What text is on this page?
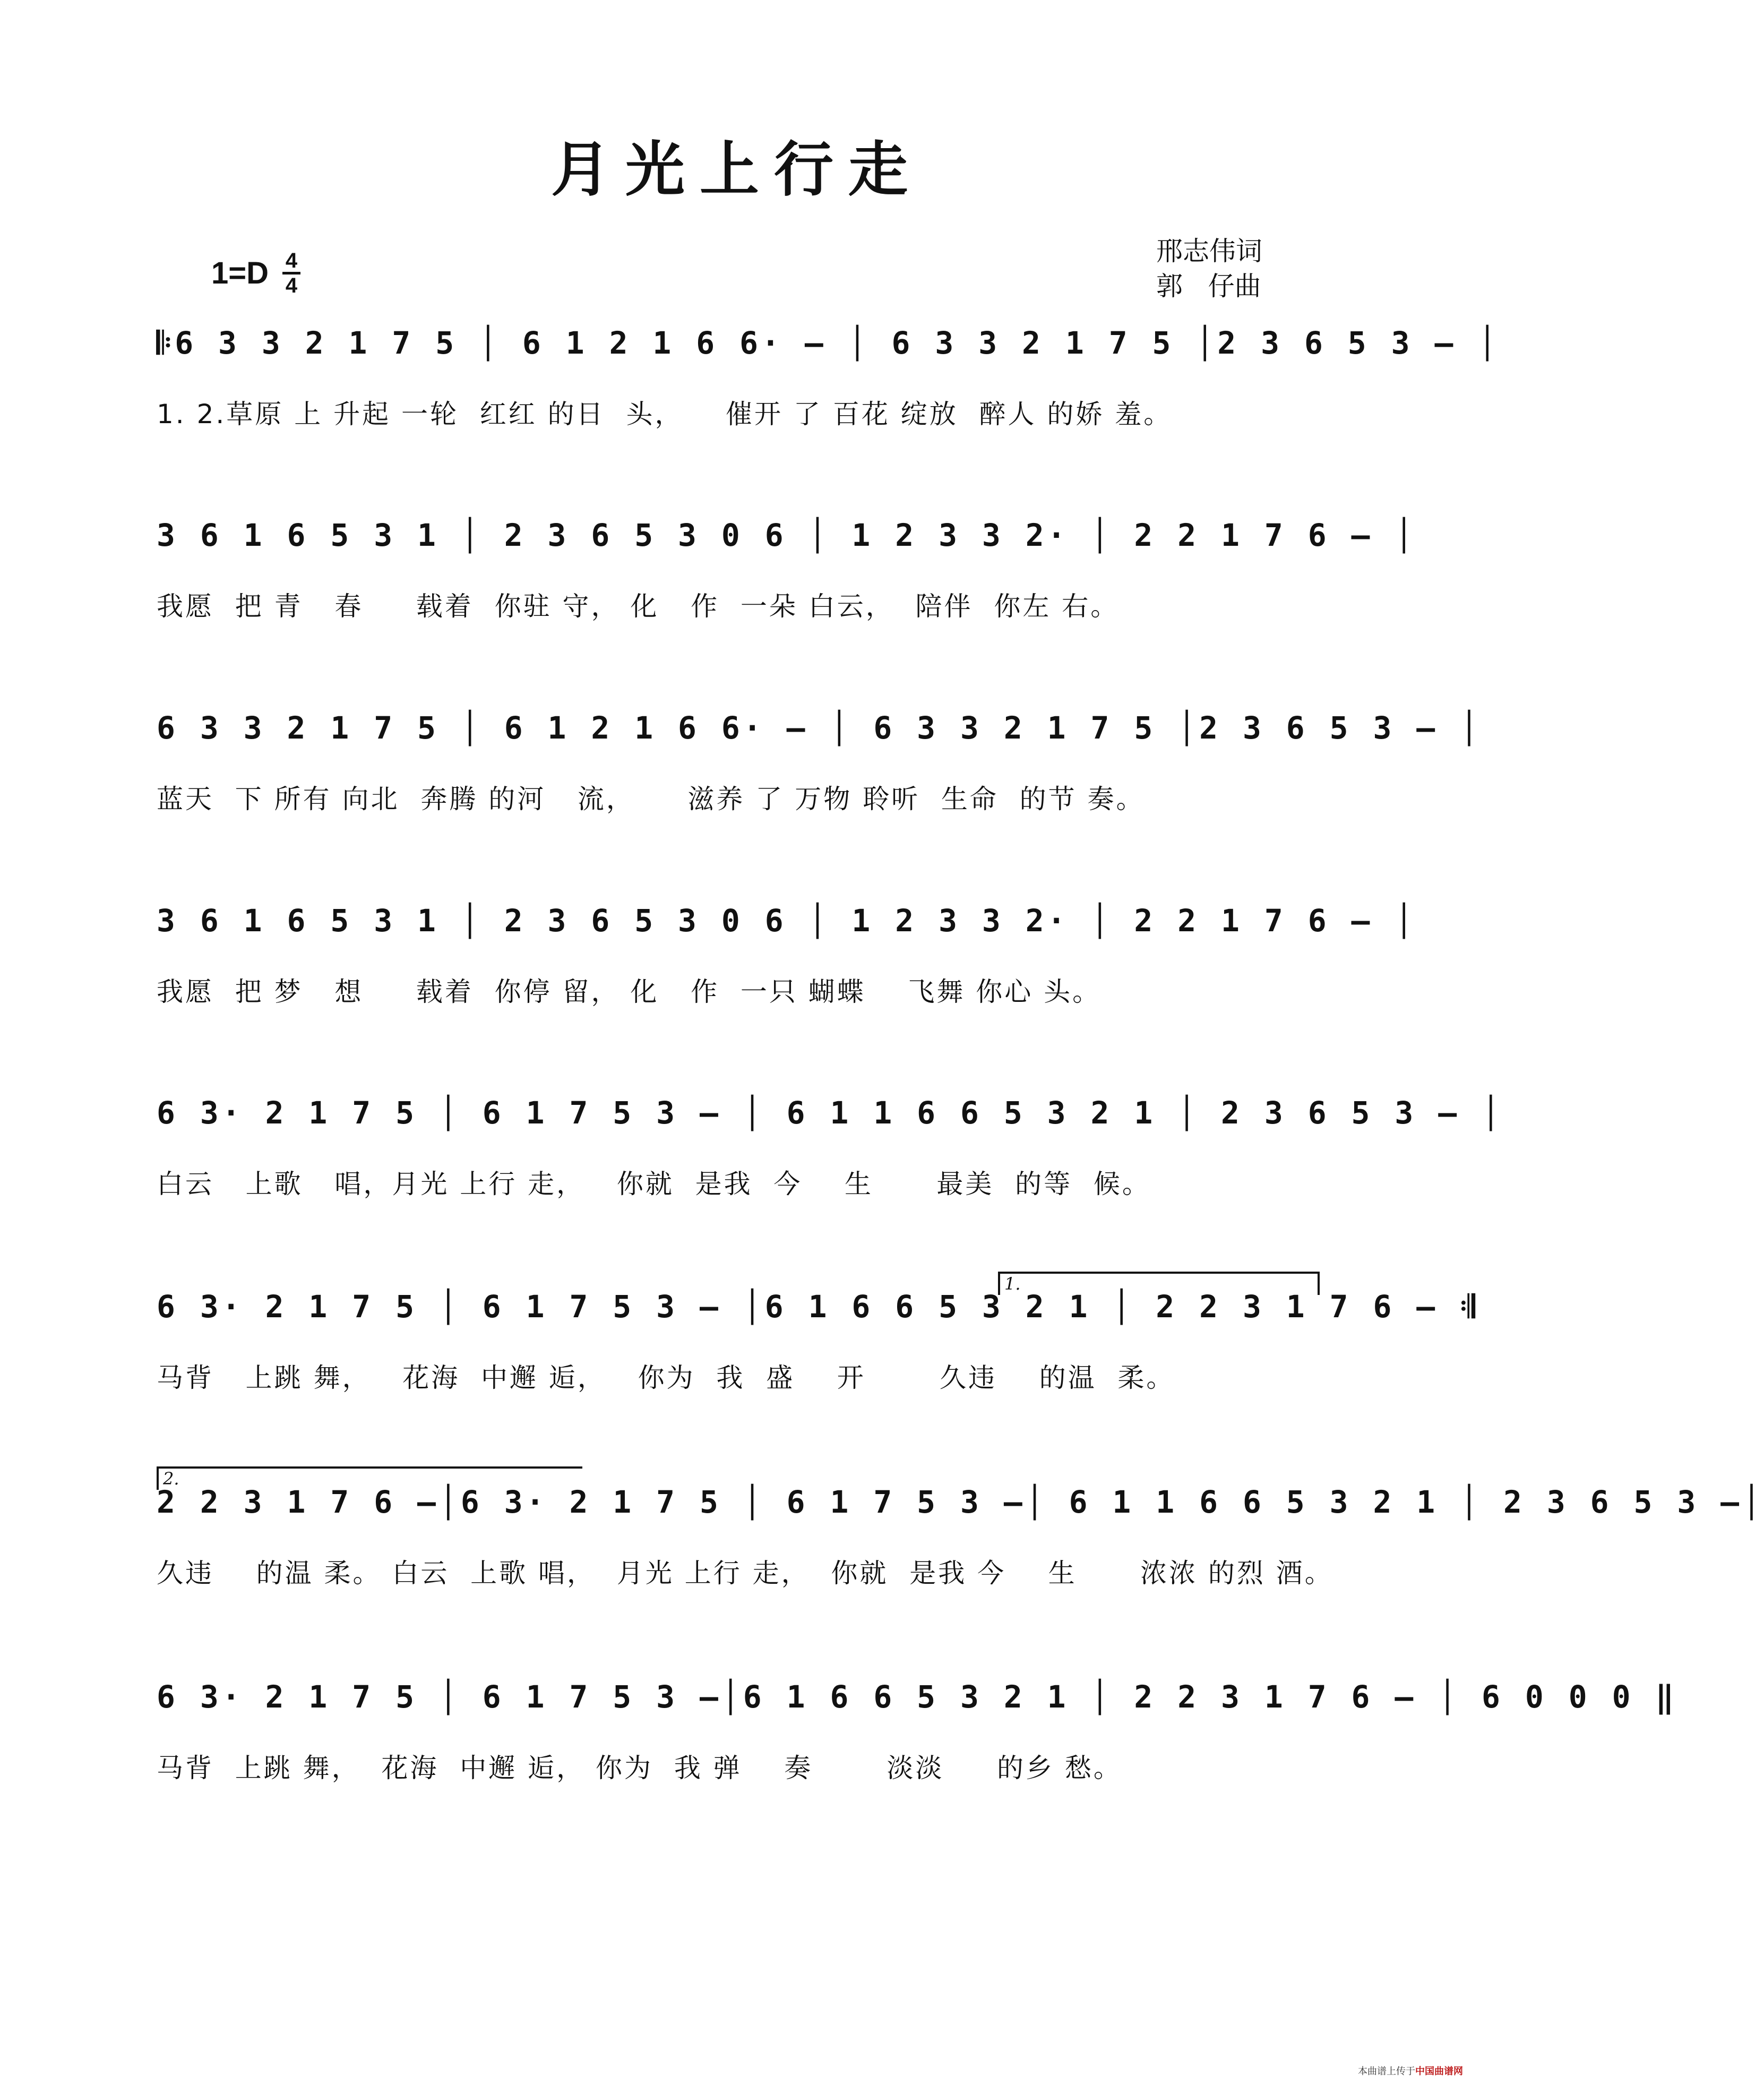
月光上行走
1=D 4
4
邢志伟词
郭   仔曲
𝄆6 3 3 2 1 7 5 │ 6 1 2 1 6 6· – │ 6 3 3 2 1 7 5 │2 3 6 5 3 – │
1. 2.草原 上 升起 一轮  红红 的日  头，    催开 了 百花 绽放  醉人 的娇 羞。
3 6 1 6 5 3 1 │ 2 3 6 5 3 0 6 │ 1 2 3 3 2· │ 2 2 1 7 6 – │
我愿  把 青   春     载着  你驻 守， 化   作  一朵 白云，  陪伴  你左 右。
6 3 3 2 1 7 5 │ 6 1 2 1 6 6· – │ 6 3 3 2 1 7 5 │2 3 6 5 3 – │
蓝天  下 所有 向北  奔腾 的河   流，     滋养 了 万物 聆听  生命  的节 奏。
3 6 1 6 5 3 1 │ 2 3 6 5 3 0 6 │ 1 2 3 3 2· │ 2 2 1 7 6 – │
我愿  把 梦   想     载着  你停 留， 化   作  一只 蝴蝶    飞舞 你心 头。
6 3· 2 1 7 5 │ 6 1 7 5 3 – │ 6 1 1 6 6 5 3 2 1 │ 2 3 6 5 3 – │
白云   上歌   唱，月光 上行 走，   你就  是我  今    生      最美  的等  候。
1.
6 3· 2 1 7 5 │ 6 1 7 5 3 – │6 1 6 6 5 3 2 1 │ 2 2 3 1 7 6 – 𝄇
马背   上跳 舞，   花海  中邂 逅，   你为  我  盛    开       久违    的温  柔。
2.
2 2 3 1 7 6 –│6 3· 2 1 7 5 │ 6 1 7 5 3 –│ 6 1 1 6 6 5 3 2 1 │ 2 3 6 5 3 –│
久违    的温 柔。 白云  上歌 唱，  月光 上行 走，  你就  是我 今    生      浓浓 的烈 酒。
6 3· 2 1 7 5 │ 6 1 7 5 3 –│6 1 6 6 5 3 2 1 │ 2 2 3 1 7 6 – │ 6 0 0 0 ‖
马背  上跳 舞，  花海  中邂 逅， 你为  我 弹    奏       淡淡     的乡 愁。
本曲谱上传于中国曲谱网
